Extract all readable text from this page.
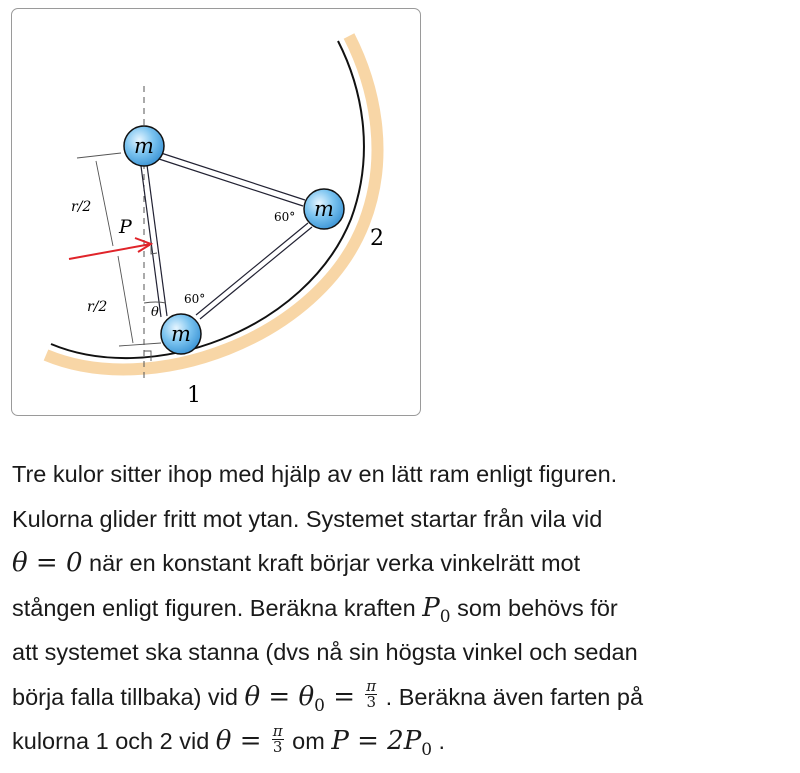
m
m
m
r/2
r/2
P
θ
60°
60°
1
2
Tre kulor sitter ihop med hjälp av en lätt ram enligt figuren.
Kulorna glider fritt mot ytan. Systemet startar från vila vid
θ = 0 när en konstant kraft börjar verka vinkelrätt mot
stången enligt figuren. Beräkna kraften $P_0$ som behövs för
att systemet ska stanna (dvs nå sin högsta vinkel och sedan
börja falla tillbaka) vid $\theta = \theta_0 = \frac{\pi}{3}$ . Beräkna även farten på
kulorna 1 och 2 vid $\theta = \frac{\pi}{3}$ om $P = 2P_0$ .
